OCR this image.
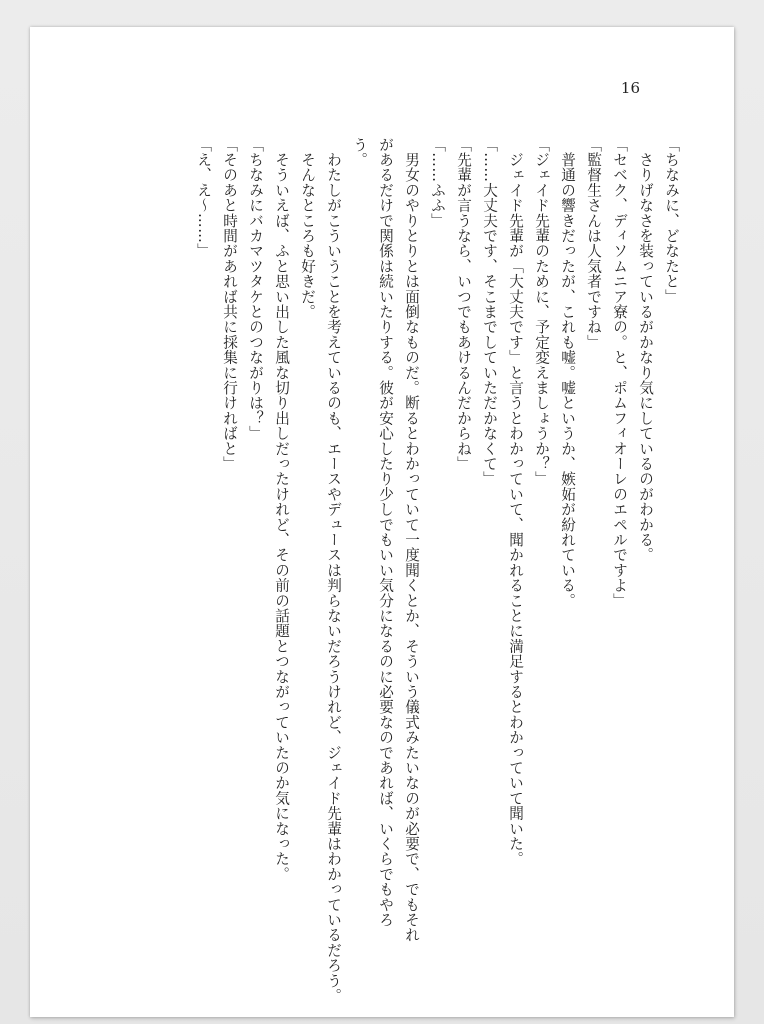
16
「ちなみに、どなたと」
　さりげなさを装っているがかなり気にしているのがわかる。
「セベク、ディソムニア寮の。と、ポムフィオーレのエペルですよ」
「監督生さんは人気者ですね」
　普通の響きだったが、これも嘘。嘘というか、嫉妬が紛れている。
「ジェイド先輩のために、予定変えましょうか？」
　ジェイド先輩が「大丈夫です」と言うとわかっていて、聞かれることに満足するとわかっていて聞いた。
「……大丈夫です、そこまでしていただかなくて」
「先輩が言うなら、いつでもあけるんだからね」
「……ふふ」
　男女のやりとりとは面倒なものだ。断るとわかっていて一度聞くとか、そういう儀式みたいなのが必要で、でもそれがあるだけで関係は続いたりする。彼が安心したり少しでもいい気分になるのに必要なのであれば、いくらでもやろう。
　わたしがこういうことを考えているのも、エースやデュースは判らないだろうけれど、ジェイド先輩はわかっているだろう。
　そんなところも好きだ。
　そういえば、ふと思い出した風な切り出しだったけれど、その前の話題とつながっていたのか気になった。
「ちなみにバカマツタケとのつながりは？」
「そのあと時間があれば共に採集に行ければと」
「え、え～……」
